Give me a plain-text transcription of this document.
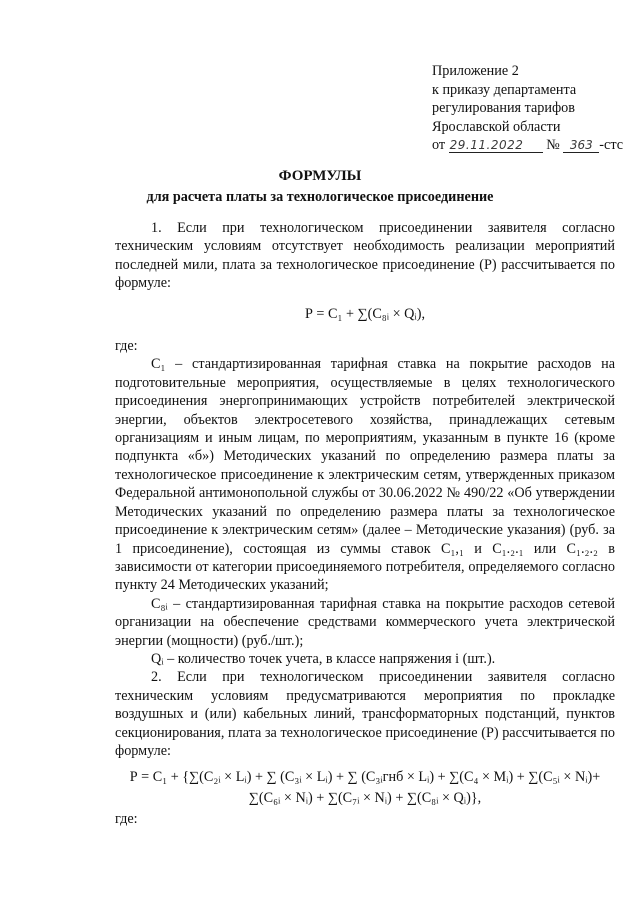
Приложение 2
к приказу департамента
регулирования тарифов
Ярославской области
от 29.11.2022 № 363 -стс
ФОРМУЛЫ
для расчета платы за технологическое присоединение

1. Если при технологическом присоединении заявителя согласно техническим условиям отсутствует необходимость реализации мероприятий последней мили, плата за технологическое присоединение (Р) рассчитывается по формуле:

Р = C₁ + ∑(C₈ᵢ × Qᵢ),

где:

C₁ – стандартизированная тарифная ставка на покрытие расходов на подготовительные мероприятия, осуществляемые в целях технологического присоединения энергопринимающих устройств потребителей электрической энергии, объектов электросетевого хозяйства, принадлежащих сетевым организациям и иным лицам, по мероприятиям, указанным в пункте 16 (кроме подпункта «б») Методических указаний по определению размера платы за технологическое присоединение к электрическим сетям, утвержденных приказом Федеральной антимонопольной службы от 30.06.2022 № 490/22 «Об утверждении Методических указаний по определению размера платы за технологическое присоединение к электрическим сетям» (далее – Методические указания) (руб. за 1 присоединение), состоящая из суммы ставок C₁,₁ и C₁.₂.₁ или C₁.₂.₂ в зависимости от категории присоединяемого потребителя, определяемого согласно пункту 24 Методических указаний;

C₈ᵢ – стандартизированная тарифная ставка на покрытие расходов сетевой организации на обеспечение средствами коммерческого учета электрической энергии (мощности) (руб./шт.);

Qᵢ – количество точек учета, в классе напряжения i (шт.).

2. Если при технологическом присоединении заявителя согласно техническим условиям предусматриваются мероприятия по прокладке воздушных и (или) кабельных линий, трансформаторных подстанций, пунктов секционирования, плата за технологическое присоединение (Р) рассчитывается по формуле:

Р = C₁ + {∑(C₂ᵢ × Lᵢ) + ∑ (C₃ᵢ × Lᵢ) + ∑ (C₃ᵢгнб × Lᵢ) + ∑(C₄ × Mᵢ) + ∑(C₅ᵢ × Nᵢ)+
∑(C₆ᵢ × Nᵢ) + ∑(C₇ᵢ × Nᵢ) + ∑(C₈ᵢ × Qᵢ)},

где:
